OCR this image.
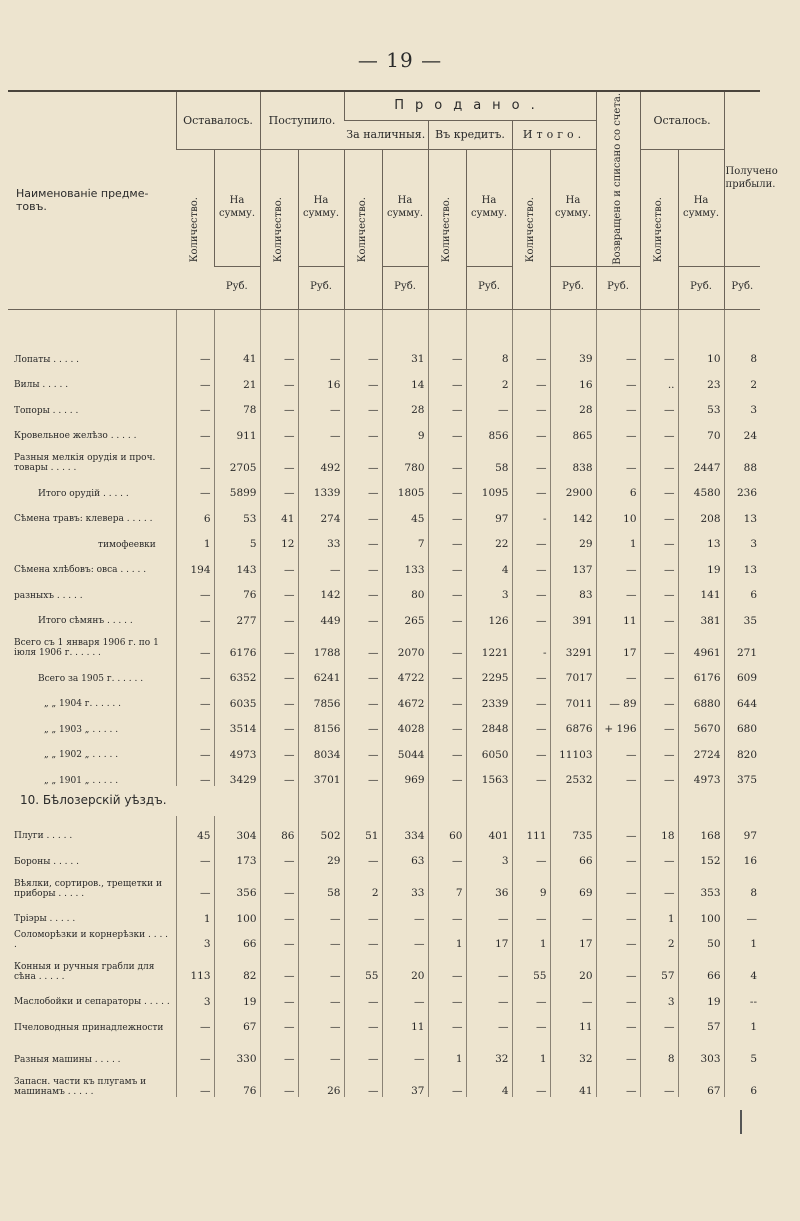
— 19 —
Наименованіе предме-
товъ.	Оставалось.		Поступило.		Продано.						Возвращено и списано со счета.	Осталось.		Получено прибыли.
					За наличныя.		Въ кредитъ.		Итого.					

	Количество.	На сумму.	Количество.	На сумму.	Количество.	На сумму.	Количество.	На сумму.	Количество.	На сумму.		Количество.	На сумму.	
		Руб.		Руб.		Руб.		Руб.		Руб.	Руб.		Руб.	Руб.

Лопаты . . . . .	—	41	—	—	—	31	—	8	—	39	—	—	10	8
Вилы . . . . .	—	21	—	16	—	14	—	2	—	16	—	..	23	2
Топоры . . . . .	—	78	—	—	—	28	—	—	—	28	—	—	53	3
Кровельное желѣзо . . . . .	—	911	—	—	—	9	—	856	—	865	—	—	70	24
Разныя мелкія орудія и проч. товары . . . . .	—	2705	—	492	—	780	—	58	—	838	—	—	2447	88
Итого орудій . . . . .	—	5899	—	1339	—	1805	—	1095	—	2900	6	—	4580	236
Сѣмена травъ: клевера . . . . .	6	53	41	274	—	45	—	97	-	142	10	—	208	13
тимофеевки	1	5	12	33	—	7	—	22	—	29	1	—	13	3
Сѣмена хлѣбовъ: овса . . . . .	194	143	—	—	—	133	—	4	—	137	—	—	19	13
разныхъ . . . . .	—	76	—	142	—	80	—	3	—	83	—	—	141	6
Итого сѣмянъ . . . . .	—	277	—	449	—	265	—	126	—	391	11	—	381	35
Всего съ 1 января 1906 г. по 1 іюля 1906 г. . . . . .	—	6176	—	1788	—	2070	—	1221	-	3291	17	—	4961	271
Всего за 1905 г. . . . . .	—	6352	—	6241	—	4722	—	2295	—	7017	—	—	6176	609
„ „ 1904 г. . . . . .	—	6035	—	7856	—	4672	—	2339	—	7011	— 89	—	6880	644
„ „ 1903 „ . . . . .	—	3514	—	8156	—	4028	—	2848	—	6876	+ 196	—	5670	680
„ „ 1902 „ . . . . .	—	4973	—	8034	—	5044	—	6050	—	11103	—	—	2724	820
„ „ 1901 „ . . . . .	—	3429	—	3701	—	969	—	1563	—	2532	—	—	4973	375
10. Бѣлозерскій уѣздъ.														
Плуги . . . . .	45	304	86	502	51	334	60	401	111	735	—	18	168	97
Бороны . . . . .	—	173	—	29	—	63	—	3	—	66	—	—	152	16
Вѣялки, сортиров., трещетки и приборы . . . . .	—	356	—	58	2	33	7	36	9	69	—	—	353	8
Тріэры . . . . .	1	100	—	—	—	—	—	—	—	—	—	1	100	—
Соломорѣзки и корнерѣзки . . . . .	3	66	—	—	—	—	1	17	1	17	—	2	50	1
Конныя и ручныя грабли для сѣна . . . . .	113	82	—	—	55	20	—	—	55	20	—	57	66	4
Маслобойки и сепараторы . . . . .	3	19	—	—	—	—	—	—	—	—	—	3	19	--
Пчеловодныя принадлежности	—	67	—	—	—	11	—	—	—	11	—	—	57	1
Разныя машины . . . . .	—	330	—	—	—	—	1	32	1	32	—	8	303	5
Запасн. части къ плугамъ и машинамъ . . . . .	—	76	—	26	—	37	—	4	—	41	—	—	67	6
